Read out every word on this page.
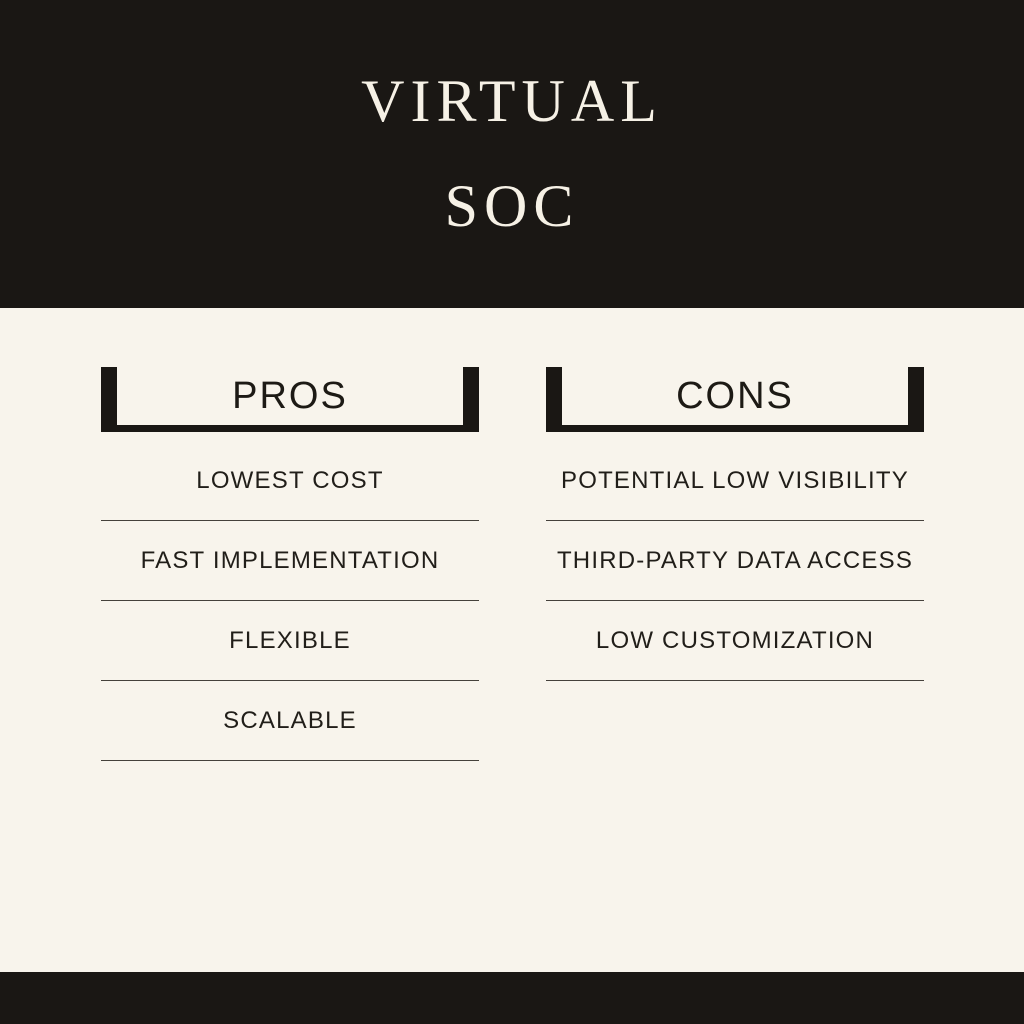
VIRTUAL
SOC
PROS
LOWEST COST
FAST IMPLEMENTATION
FLEXIBLE
SCALABLE
CONS
POTENTIAL LOW VISIBILITY
THIRD-PARTY DATA ACCESS
LOW CUSTOMIZATION
